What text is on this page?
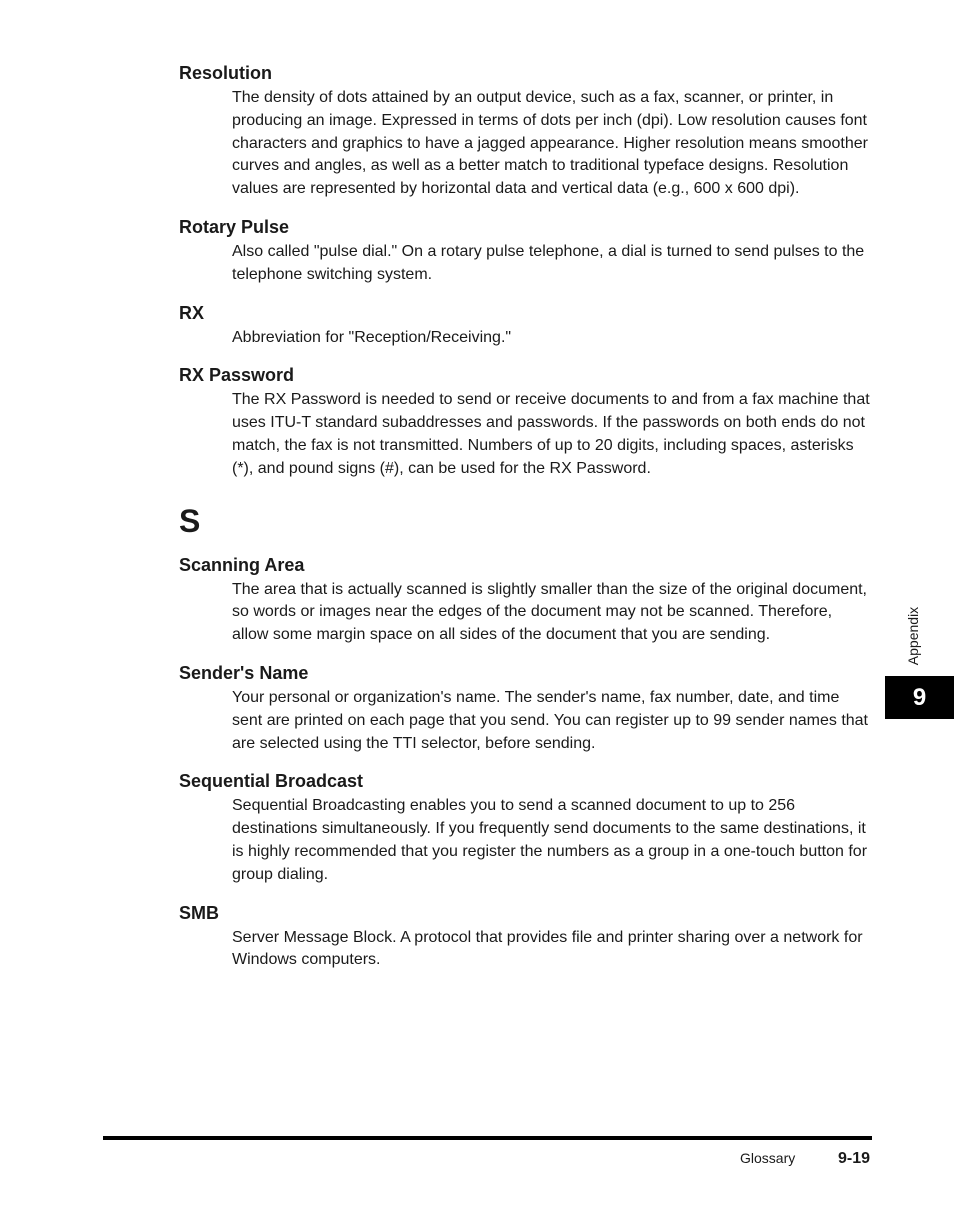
Resolution

The density of dots attained by an output device, such as a fax, scanner, or printer, in producing an image. Expressed in terms of dots per inch (dpi). Low resolution causes font characters and graphics to have a jagged appearance. Higher resolution means smoother curves and angles, as well as a better match to traditional typeface designs. Resolution values are represented by horizontal data and vertical data (e.g., 600 x 600 dpi).

Rotary Pulse

Also called "pulse dial." On a rotary pulse telephone, a dial is turned to send pulses to the telephone switching system.

RX

Abbreviation for "Reception/Receiving."

RX Password

The RX Password is needed to send or receive documents to and from a fax machine that uses ITU-T standard subaddresses and passwords. If the passwords on both ends do not match, the fax is not transmitted. Numbers of up to 20 digits, including spaces, asterisks (*), and pound signs (#), can be used for the RX Password.

S

Scanning Area

The area that is actually scanned is slightly smaller than the size of the original document, so words or images near the edges of the document may not be scanned. Therefore, allow some margin space on all sides of the document that you are sending.

Sender's Name

Your personal or organization's name. The sender's name, fax number, date, and time sent are printed on each page that you send. You can register up to 99 sender names that are selected using the TTI selector, before sending.

Sequential Broadcast

Sequential Broadcasting enables you to send a scanned document to up to 256 destinations simultaneously. If you frequently send documents to the same destinations, it is highly recommended that you register the numbers as a group in a one-touch button for group dialing.

SMB

Server Message Block. A protocol that provides file and printer sharing over a network for Windows computers.

Appendix
9
Glossary	9-19
